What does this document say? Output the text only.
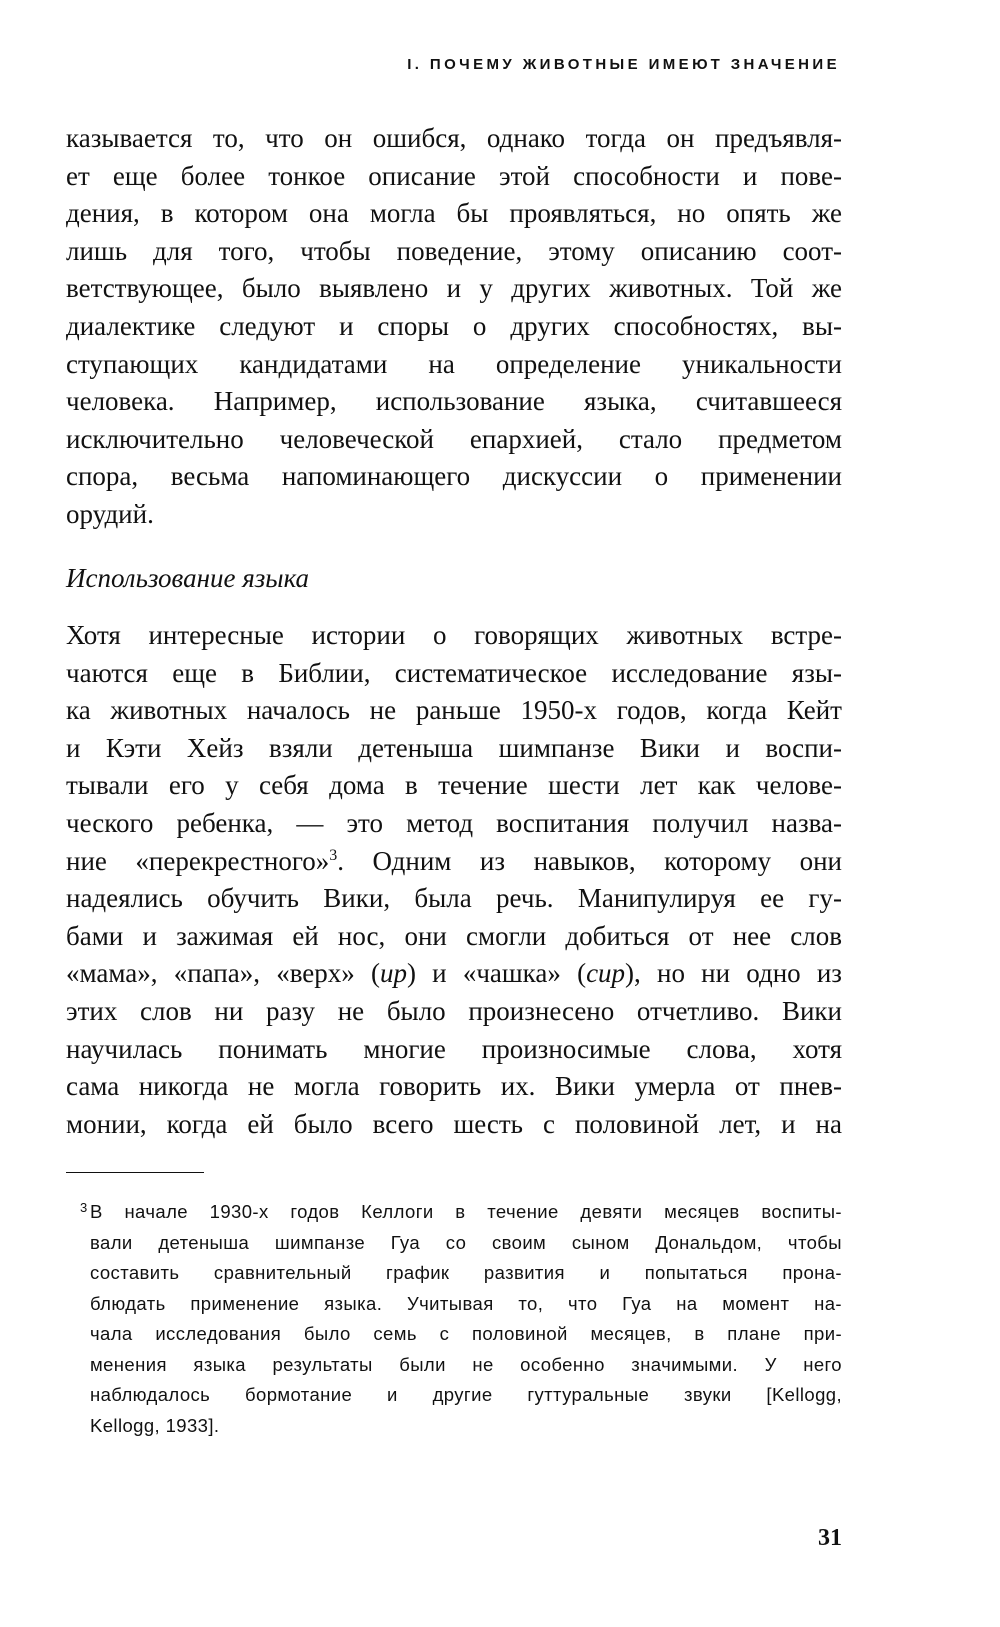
I. ПОЧЕМУ ЖИВОТНЫЕ ИМЕЮТ ЗНАЧЕНИЕ
казывается то, что он ошибся, однако тогда он предъявля-
ет еще более тонкое описание этой способности и пове-
дения, в котором она могла бы проявляться, но опять же
лишь для того, чтобы поведение, этому описанию соот-
ветствующее, было выявлено и у других животных. Той же
диалектике следуют и споры о других способностях, вы-
ступающих кандидатами на определение уникальности
человека. Например, использование языка, считавшееся
исключительно человеческой епархией, стало предметом
спора, весьма напоминающего дискуссии о применении
орудий.
Использование языка
Хотя интересные истории о говорящих животных встре-
чаются еще в Библии, систематическое исследование язы-
ка животных началось не раньше 1950-х годов, когда Кейт
и Кэти Хейз взяли детеныша шимпанзе Вики и воспи-
тывали его у себя дома в течение шести лет как челове-
ческого ребенка, — это метод воспитания получил назва-
ние «перекрестного»$^3$. Одним из навыков, которому они
надеялись обучить Вики, была речь. Манипулируя ее гу-
бами и зажимая ей нос, они смогли добиться от нее слов
«мама», «папа», «верх» (up) и «чашка» (cup), но ни одно из
этих слов ни разу не было произнесено отчетливо. Вики
научилась понимать многие произносимые слова, хотя
сама никогда не могла говорить их. Вики умерла от пнев-
монии, когда ей было всего шесть с половиной лет, и на
3 В начале 1930-х годов Келлоги в течение девяти месяцев воспиты-
вали детеныша шимпанзе Гуа со своим сыном Дональдом, чтобы
составить сравнительный график развития и попытаться прона-
блюдать применение языка. Учитывая то, что Гуа на момент на-
чала исследования было семь с половиной месяцев, в плане при-
менения языка результаты были не особенно значимыми. У него
наблюдалось бормотание и другие гуттуральные звуки [Kellogg,
Kellogg, 1933].
31
